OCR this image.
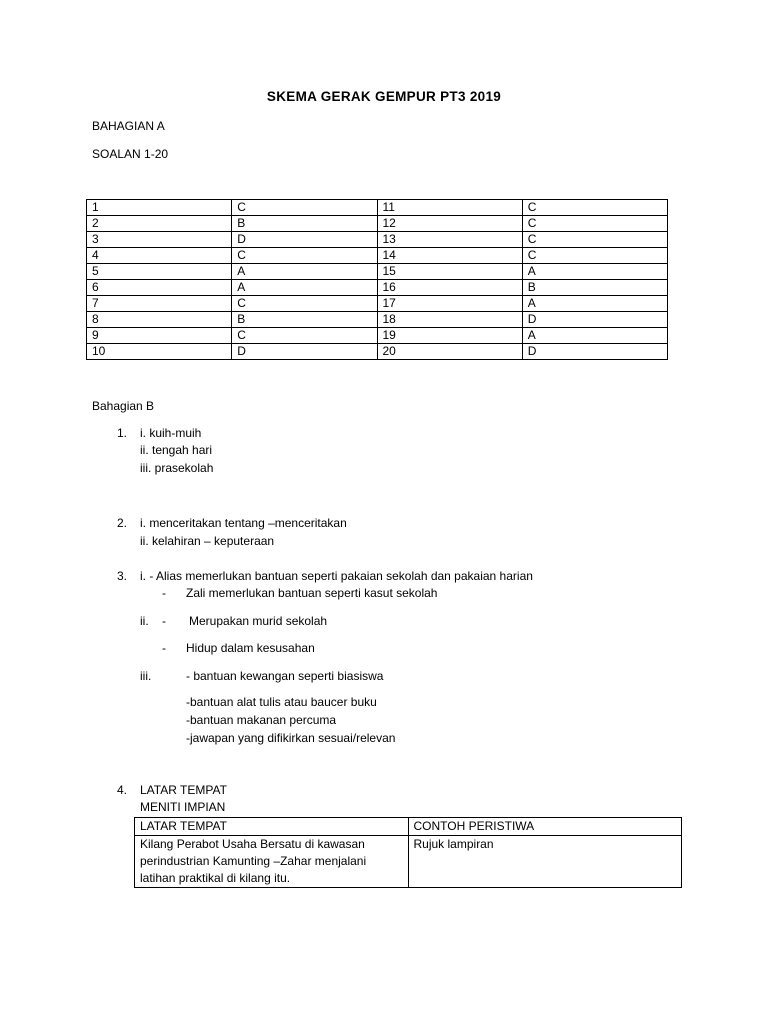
SKEMA GERAK GEMPUR PT3 2019
BAHAGIAN A
SOALAN 1-20
1	C	11	C
2	B	12	C
3	D	13	C
4	C	14	C
5	A	15	A
6	A	16	B
7	C	17	A
8	B	18	D
9	C	19	A
10	D	20	D
Bahagian B
1. i. kuih-muih
ii. tengah hari
iii. prasekolah
2. i. menceritakan tentang –menceritakan
ii. kelahiran – keputeraan
3. i. - Alias memerlukan bantuan seperti pakaian sekolah dan pakaian harian
- Zali memerlukan bantuan seperti kasut sekolah
ii. - Merupakan murid sekolah
- Hidup dalam kesusahan
iii.	- bantuan kewangan seperti biasiswa
-bantuan alat tulis atau baucer buku
-bantuan makanan percuma
-jawapan yang difikirkan sesuai/relevan
4. LATAR TEMPAT
MENITI IMPIAN
LATAR TEMPAT	CONTOH PERISTIWA
Kilang Perabot Usaha Bersatu di kawasan perindustrian Kamunting –Zahar menjalani latihan praktikal di kilang itu.	Rujuk lampiran
